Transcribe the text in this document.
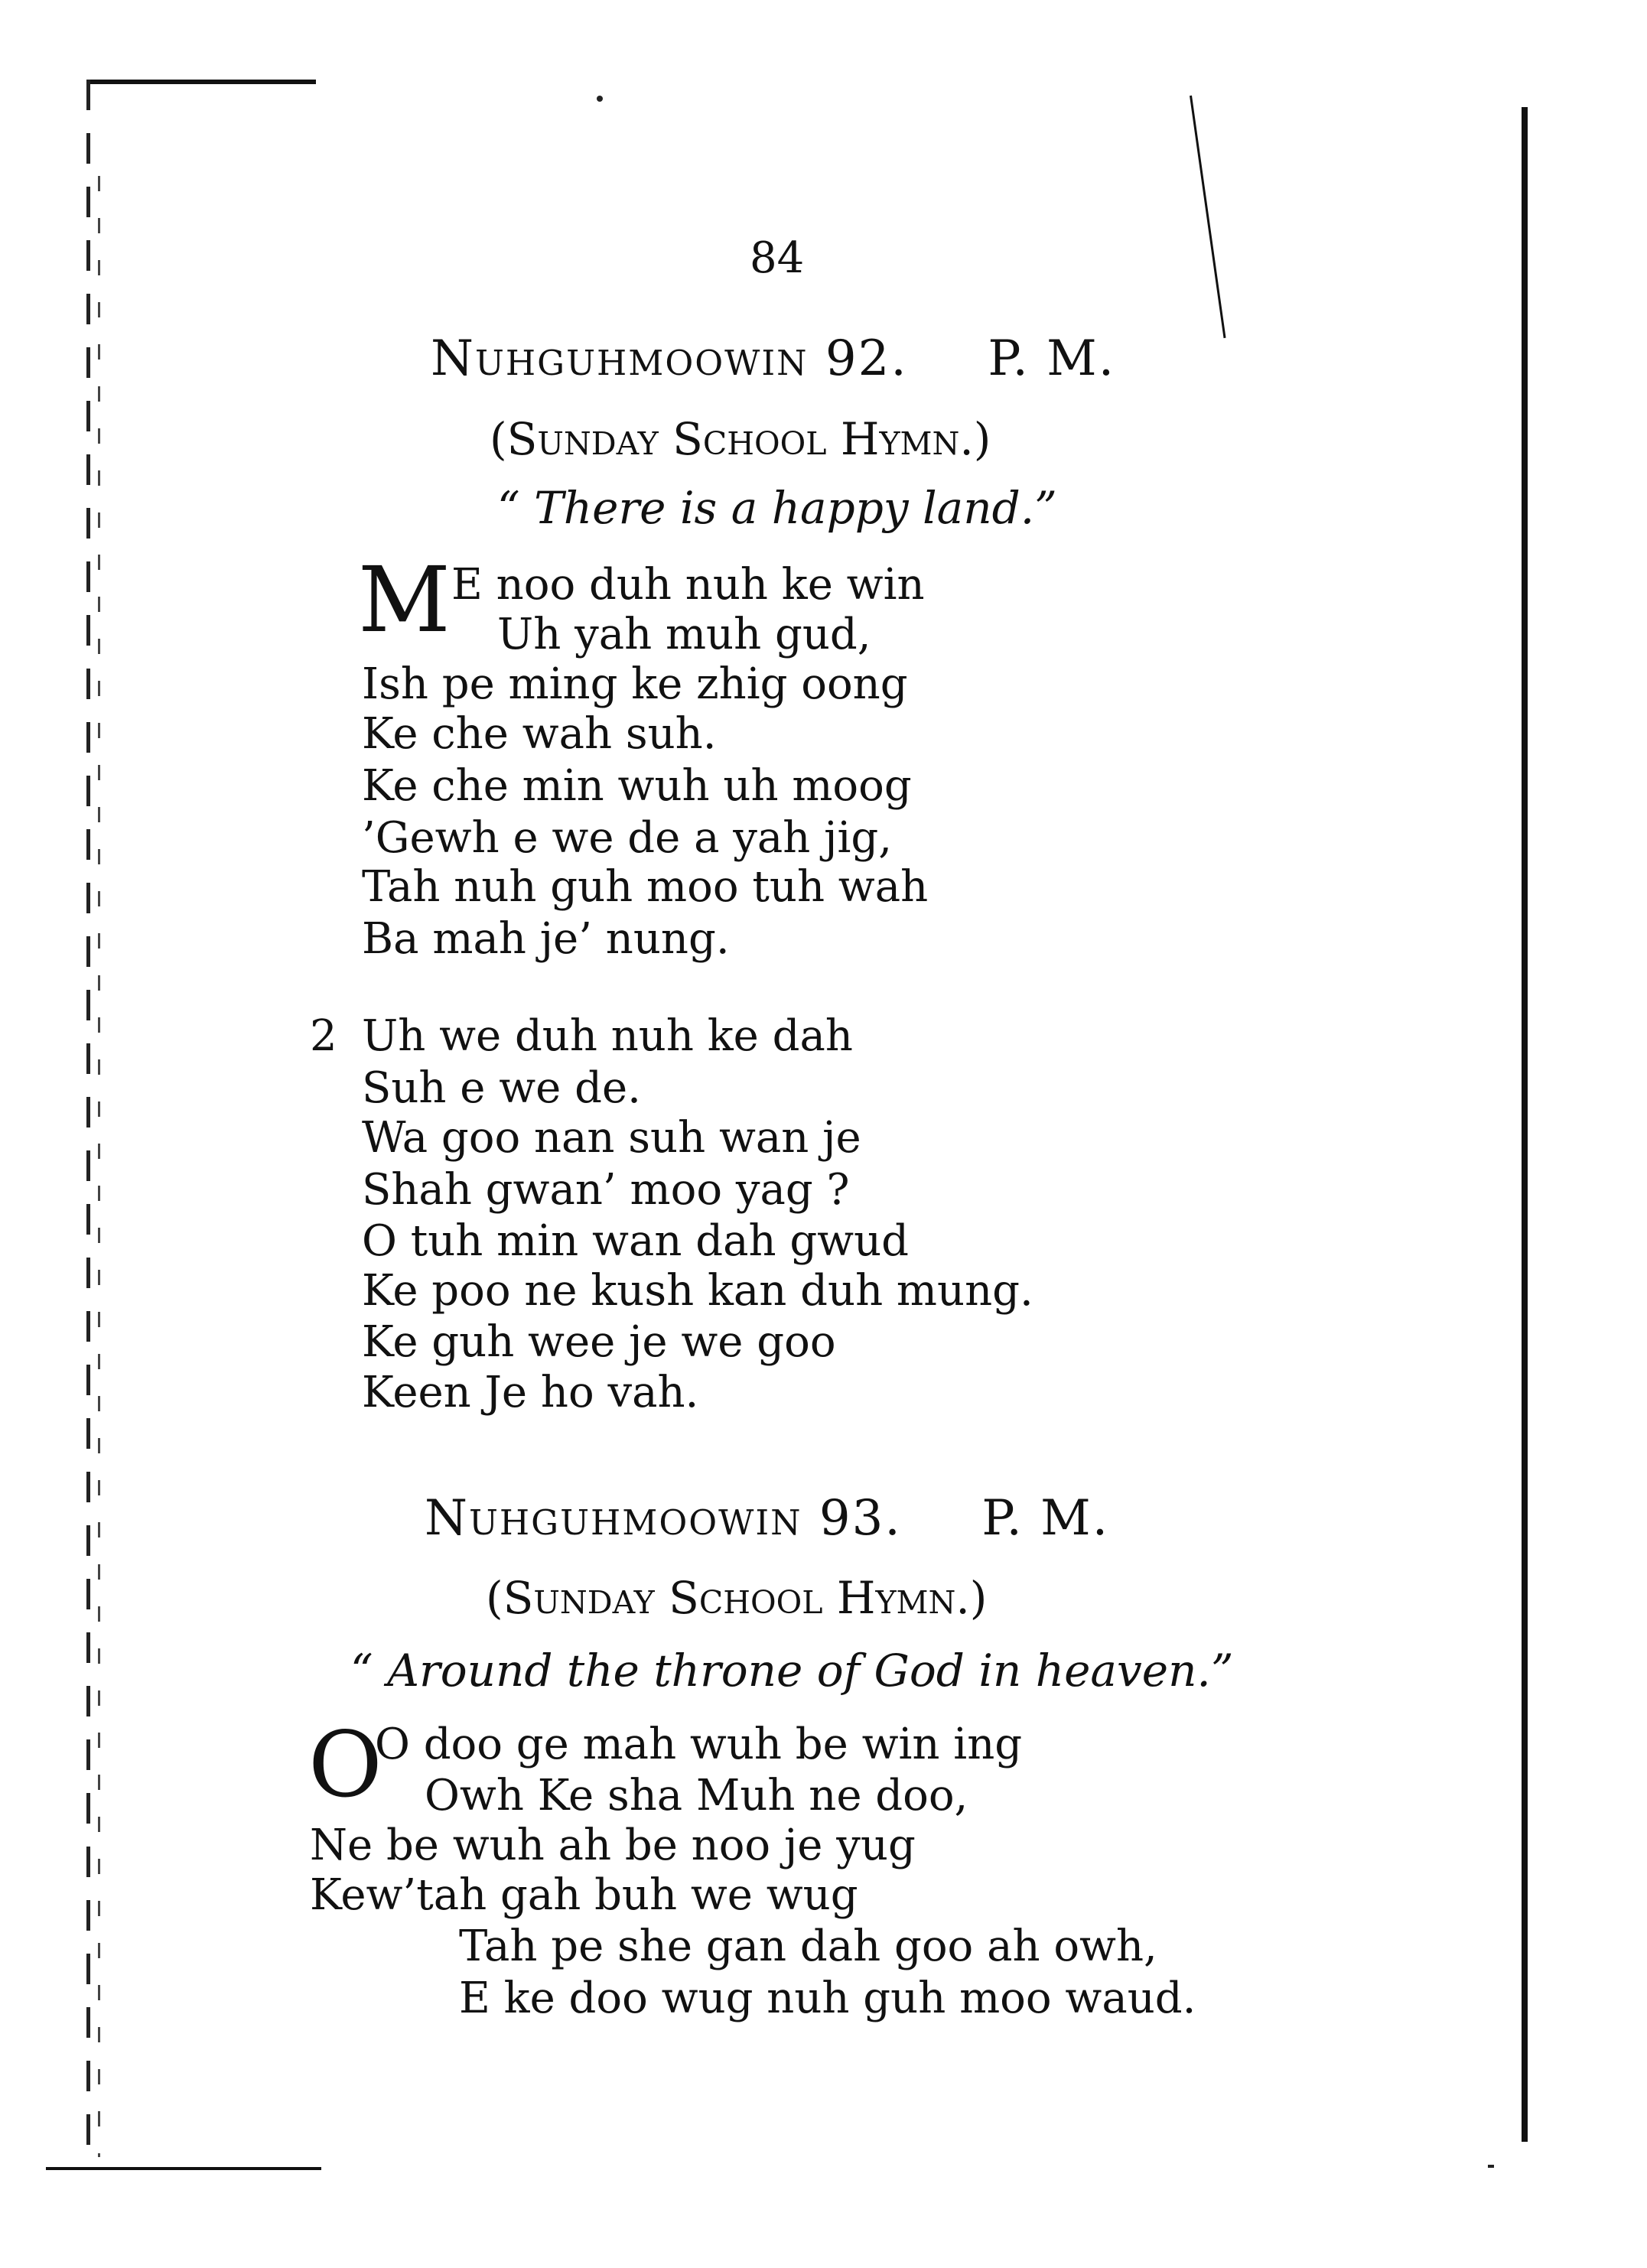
84
Nuhguhmoowin 92. P. M.
(Sunday School Hymn.)
“ There is a happy land.”
M E noo duh nuh ke win
Uh yah muh gud,
Ish pe ming ke zhig oong
Ke che wah suh.
Ke che min wuh uh moog
’Gewh e we de a yah jig,
Tah nuh guh moo tuh wah
Ba mah je’ nung.
2 Uh we duh nuh ke dah
Suh e we de.
Wa goo nan suh wan je
Shah gwan’ moo yag ?
O tuh min wan dah gwud
Ke poo ne kush kan duh mung.
Ke guh wee je we goo
Keen Je ho vah.
Nuhguhmoowin 93. P. M.
(Sunday School Hymn.)
“ Around the throne of God in heaven.”
O
O doo ge mah wuh be win ing
Owh Ke sha Muh ne doo,
Ne be wuh ah be noo je yug
Kew’tah gah buh we wug
Tah pe she gan dah goo ah owh,
E ke doo wug nuh guh moo waud.
